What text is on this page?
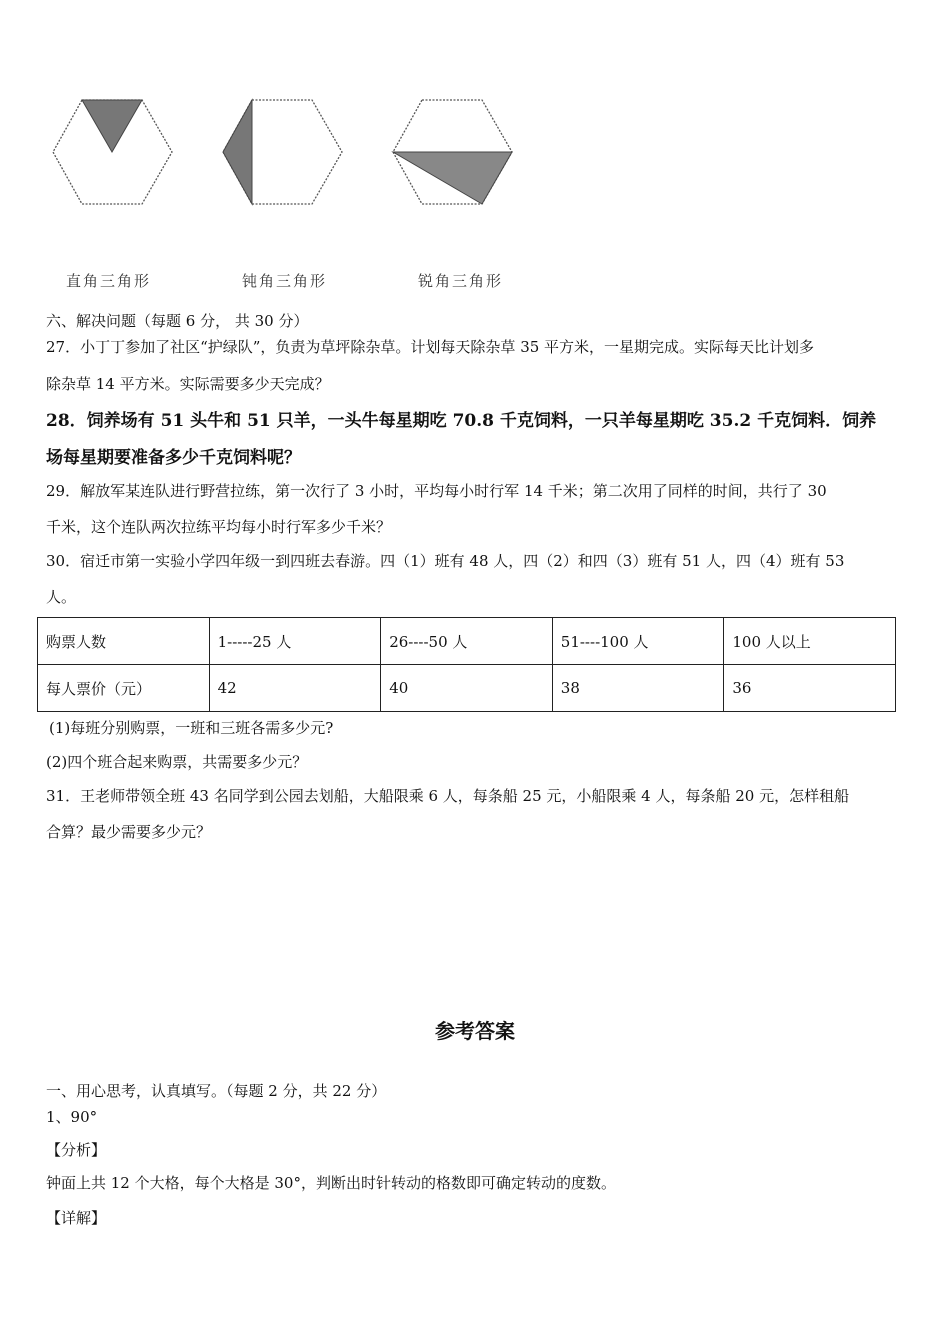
直角三角形	钝角三角形	锐角三角形
六、解决问题（每题 6 分， 共 30 分）
27．小丁丁参加了社区“护绿队”，负责为草坪除杂草。计划每天除杂草 35 平方米，一星期完成。实际每天比计划多
除杂草 14 平方米。实际需要多少天完成？
28．饲养场有 51 头牛和 51 只羊，一头牛每星期吃 70.8 千克饲料，一只羊每星期吃 35.2 千克饲料．饲养
场每星期要准备多少千克饲料呢？
29．解放军某连队进行野营拉练，第一次行了 3 小时，平均每小时行军 14 千米；第二次用了同样的时间，共行了 30
千米，这个连队两次拉练平均每小时行军多少千米？
30．宿迁市第一实验小学四年级一到四班去春游。四（1）班有 48 人，四（2）和四（3）班有 51 人，四（4）班有 53
人。
购票人数	1-----25 人	26----50 人	51----100 人	100 人以上
每人票价（元）	42	40	38	36
(1)每班分别购票，一班和三班各需多少元?
(2)四个班合起来购票，共需要多少元？
31．王老师带领全班 43 名同学到公园去划船，大船限乘 6 人，每条船 25 元，小船限乘 4 人，每条船 20 元，怎样租船
合算？最少需要多少元？
参考答案
一、用心思考，认真填写。（每题 2 分，共 22 分）
1、90°
【分析】
钟面上共 12 个大格，每个大格是 30°，判断出时针转动的格数即可确定转动的度数。
【详解】
